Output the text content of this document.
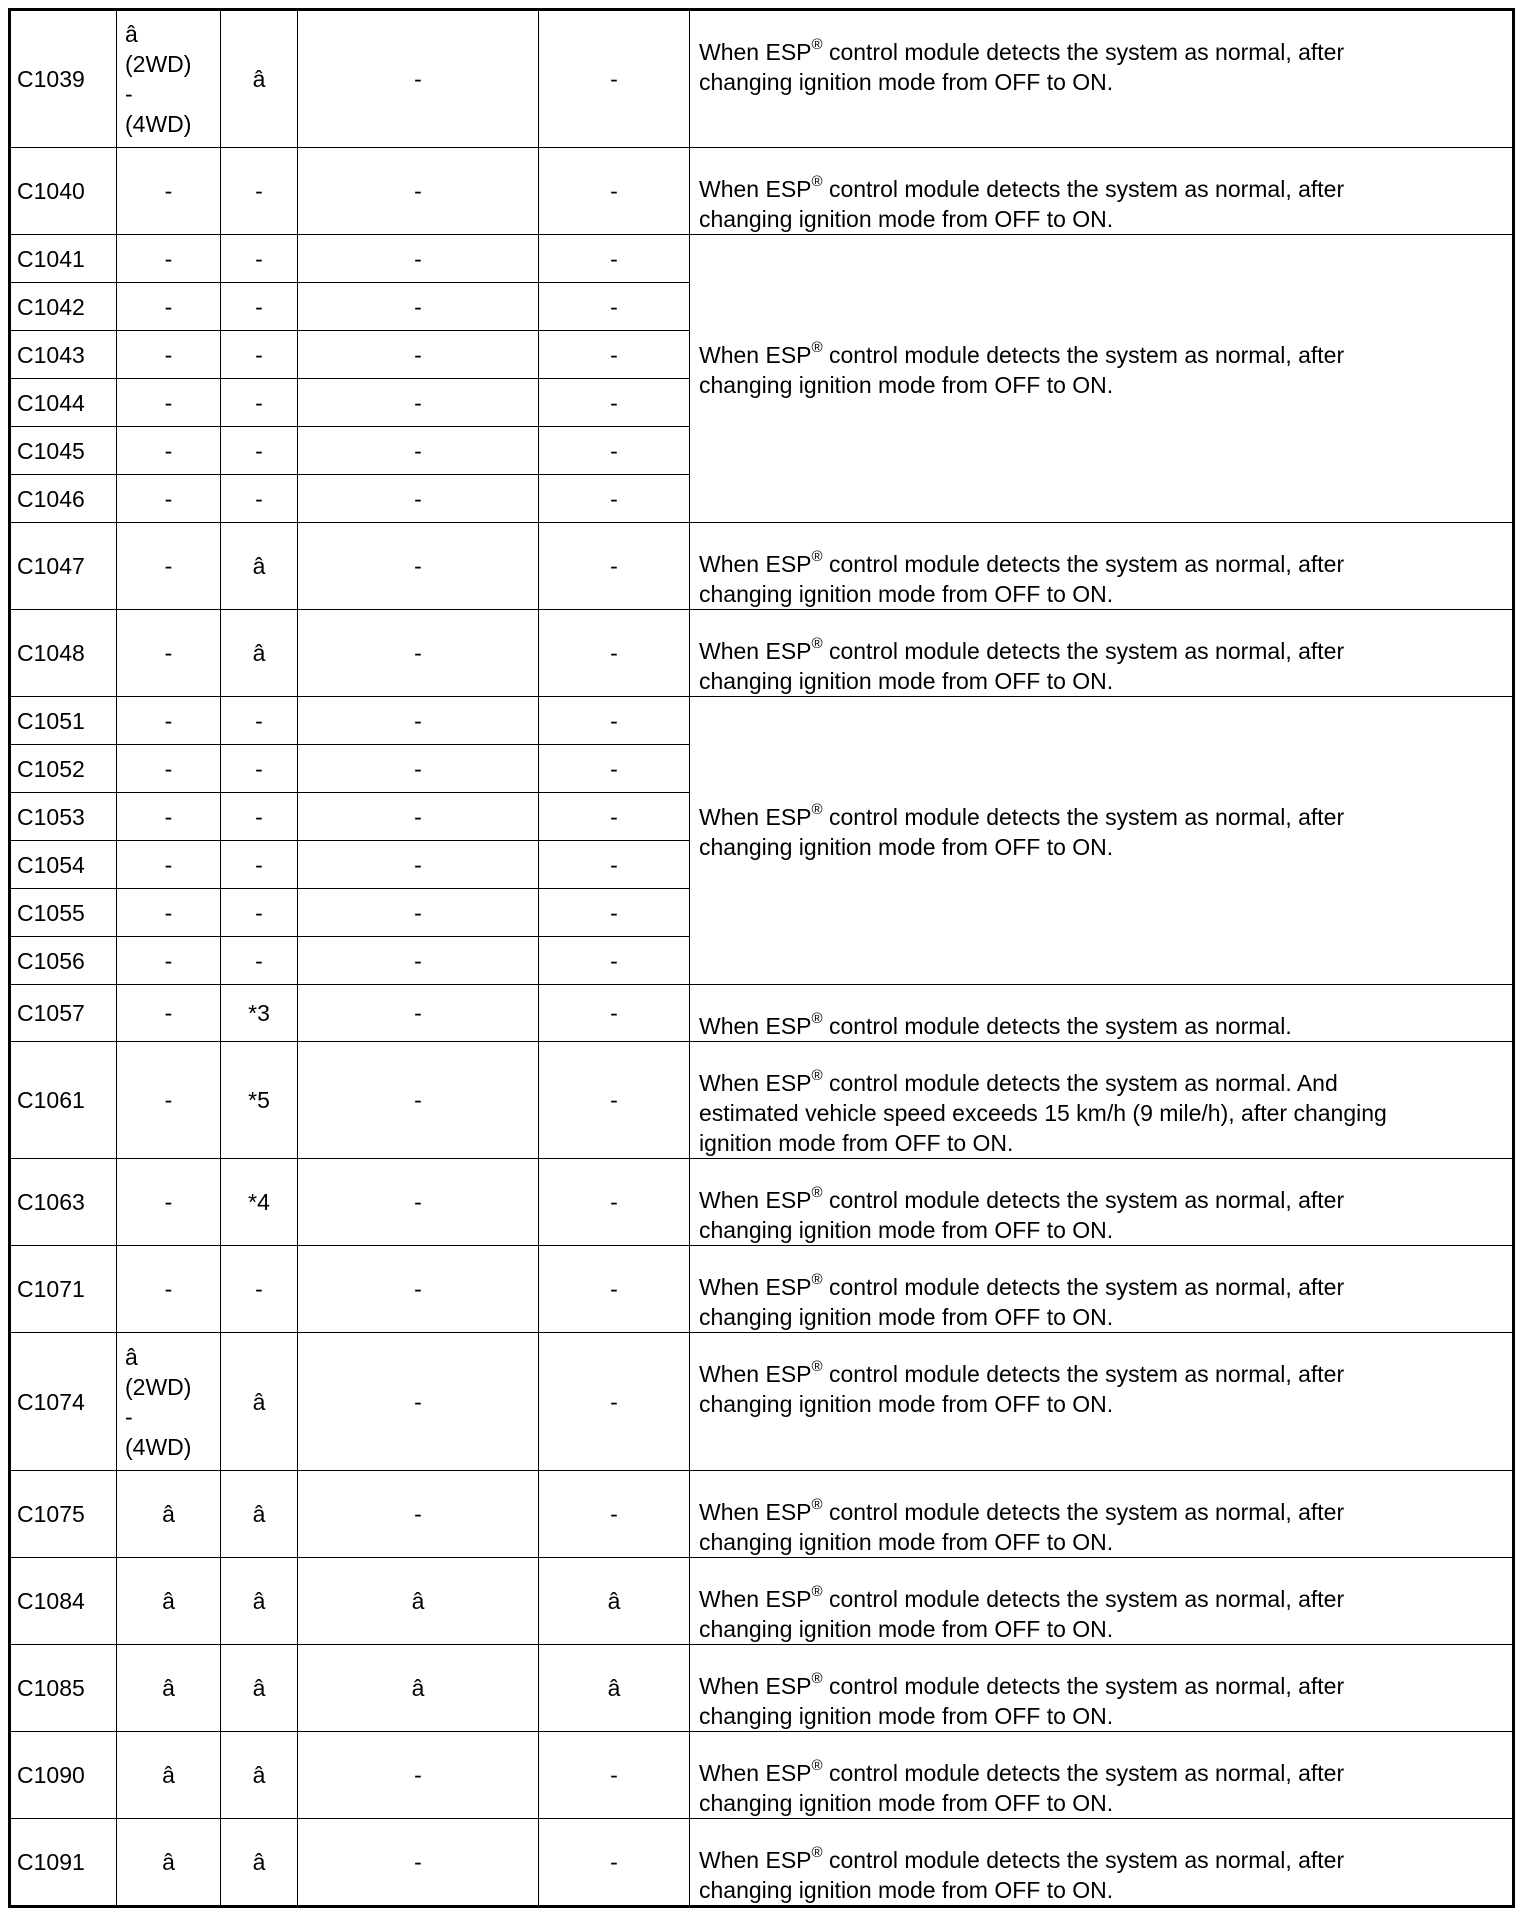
C1039	â
(2WD)
-
(4WD)	â	-	-	When ESP® control module detects the system as normal, after
changing ignition mode from OFF to ON.

C1040	-	-	-	-	When ESP® control module detects the system as normal, after
changing ignition mode from OFF to ON.

C1041	-	-	-	-	When ESP® control module detects the system as normal, after
changing ignition mode from OFF to ON.

C1042	-	-	-	-	
C1043	-	-	-	-	
C1044	-	-	-	-	
C1045	-	-	-	-	
C1046	-	-	-	-	
C1047	-	â	-	-	When ESP® control module detects the system as normal, after
changing ignition mode from OFF to ON.

C1048	-	â	-	-	When ESP® control module detects the system as normal, after
changing ignition mode from OFF to ON.

C1051	-	-	-	-	When ESP® control module detects the system as normal, after
changing ignition mode from OFF to ON.

C1052	-	-	-	-	
C1053	-	-	-	-	
C1054	-	-	-	-	
C1055	-	-	-	-	
C1056	-	-	-	-	
C1057	-	*3	-	-	When ESP® control module detects the system as normal.

C1061	-	*5	-	-	When ESP® control module detects the system as normal. And
estimated vehicle speed exceeds 15 km/h (9 mile/h), after changing
ignition mode from OFF to ON.

C1063	-	*4	-	-	When ESP® control module detects the system as normal, after
changing ignition mode from OFF to ON.

C1071	-	-	-	-	When ESP® control module detects the system as normal, after
changing ignition mode from OFF to ON.

C1074	â
(2WD)
-
(4WD)	â	-	-	When ESP® control module detects the system as normal, after
changing ignition mode from OFF to ON.

C1075	â	â	-	-	When ESP® control module detects the system as normal, after
changing ignition mode from OFF to ON.

C1084	â	â	â	â	When ESP® control module detects the system as normal, after
changing ignition mode from OFF to ON.

C1085	â	â	â	â	When ESP® control module detects the system as normal, after
changing ignition mode from OFF to ON.

C1090	â	â	-	-	When ESP® control module detects the system as normal, after
changing ignition mode from OFF to ON.

C1091	â	â	-	-	When ESP® control module detects the system as normal, after
changing ignition mode from OFF to ON.
